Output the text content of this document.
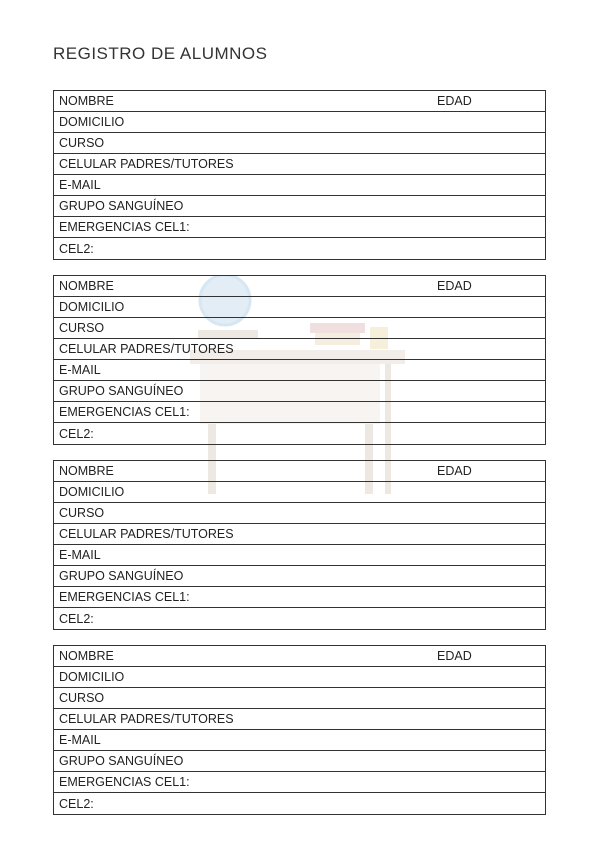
REGISTRO DE ALUMNOS
NOMBRE	EDAD
DOMICILIO
CURSO
CELULAR PADRES/TUTORES
E-MAIL
GRUPO SANGUÍNEO
EMERGENCIAS CEL1:
CEL2:
NOMBRE	EDAD
DOMICILIO
CURSO
CELULAR PADRES/TUTORES
E-MAIL
GRUPO SANGUÍNEO
EMERGENCIAS CEL1:
CEL2:
NOMBRE	EDAD
DOMICILIO
CURSO
CELULAR PADRES/TUTORES
E-MAIL
GRUPO SANGUÍNEO
EMERGENCIAS CEL1:
CEL2:
NOMBRE	EDAD
DOMICILIO
CURSO
CELULAR PADRES/TUTORES
E-MAIL
GRUPO SANGUÍNEO
EMERGENCIAS CEL1:
CEL2:
